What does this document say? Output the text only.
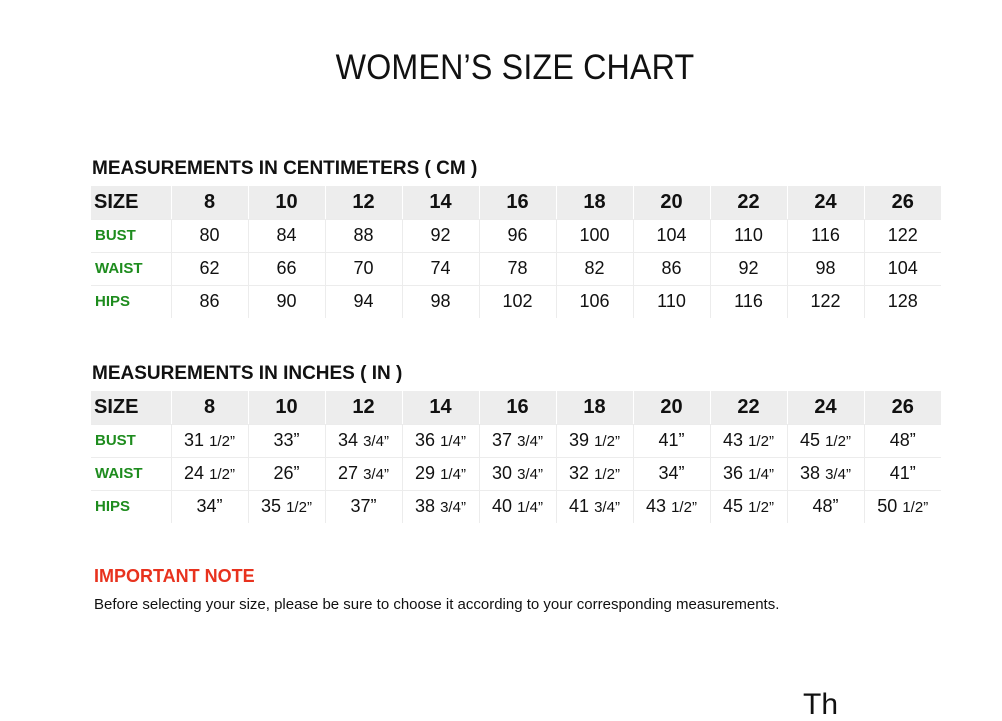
WOMEN’S SIZE CHART
MEASUREMENTS IN CENTIMETERS ( CM )
SIZE	8	10	12	14	16	18	20	22	24	26
BUST	80	84	88	92	96	100	104	110	116	122
WAIST	62	66	70	74	78	82	86	92	98	104
HIPS	86	90	94	98	102	106	110	116	122	128
MEASUREMENTS IN INCHES ( IN )
SIZE	8	10	12	14	16	18	20	22	24	26
BUST	31 1/2”	33”	34 3/4”	36 1/4”	37 3/4”	39 1/2”	41”	43 1/2”	45 1/2”	48”
WAIST	24 1/2”	26”	27 3/4”	29 1/4”	30 3/4”	32 1/2”	34”	36 1/4”	38 3/4”	41”
HIPS	34”	35 1/2”	37”	38 3/4”	40 1/4”	41 3/4”	43 1/2”	45 1/2”	48”	50 1/2”
IMPORTANT NOTE
Before selecting your size, please be sure to choose it according to your corresponding measurements.
Th
